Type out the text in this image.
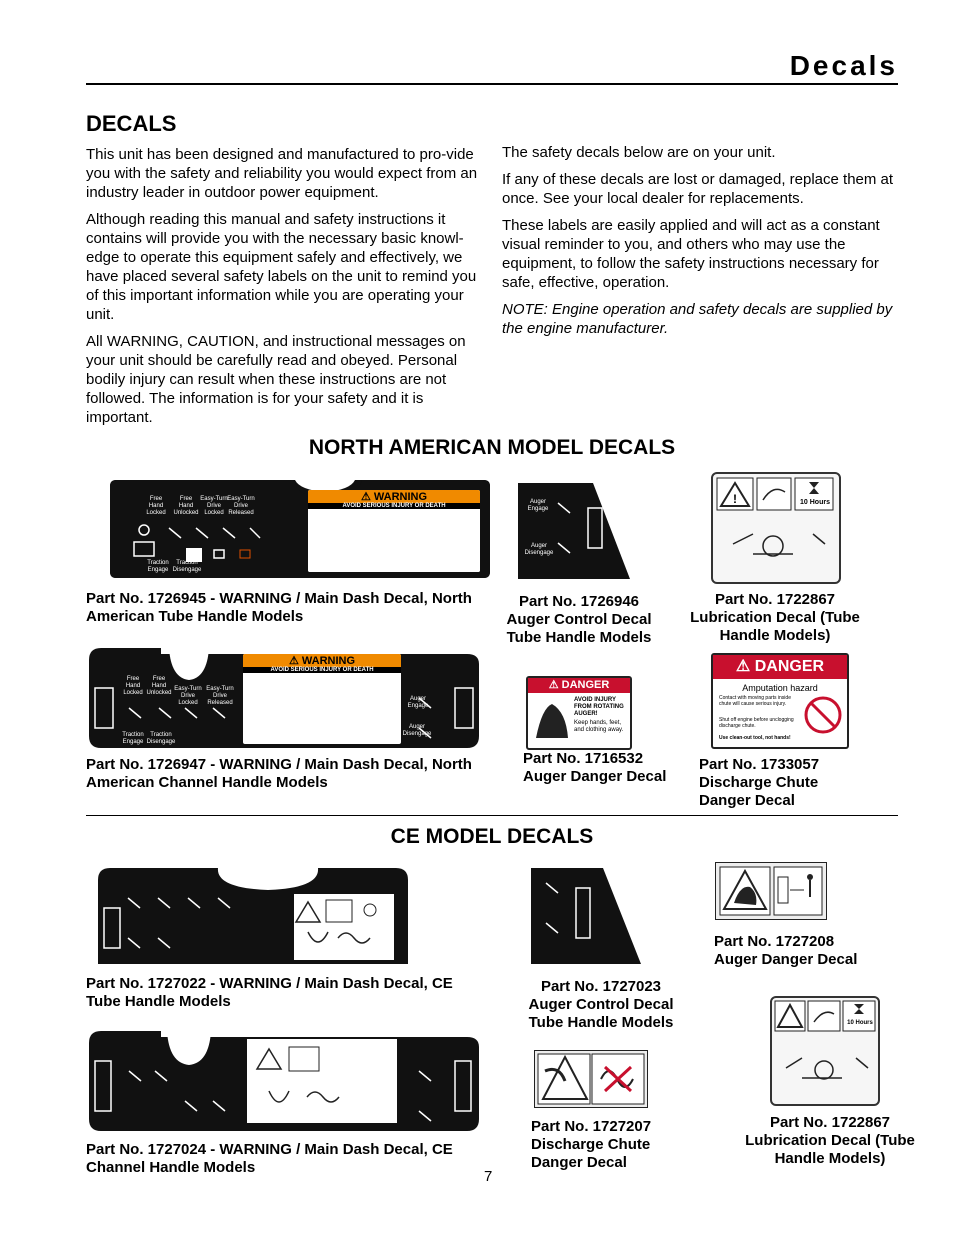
Decals
DECALS

This unit has been designed and manufactured to pro-vide you with the safety and reliability you would expect from an industry leader in outdoor power equipment.

Although reading this manual and safety instructions it contains will provide you with the necessary basic knowl-edge to operate this equipment safely and effectively, we have placed several safety labels on the unit to remind you of this important information while you are operating your unit.

All WARNING, CAUTION, and instructional messages on your unit should be carefully read and obeyed. Personal bodily injury can result when these instructions are not followed. The information is for your safety and it is important.

The safety decals below are on your unit.

If any of these decals are lost or damaged, replace them at once. See your local dealer for replacements.

These labels are easily applied and will act as a constant visual reminder to you, and others who may use the equipment, to follow the safety instructions necessary for safe, effective, operation.

NOTE: Engine operation and safety decals are supplied by the engine manufacturer.

NORTH AMERICAN MODEL DECALS
Free Hand Locked
Free Hand Unlocked
Easy-Turn Drive Locked
Easy-Turn Drive Released
Traction Engage
Traction Disengage
⚠ WARNING
AVOID SERIOUS INJURY OR DEATH
Auger Engage
Auger Disengage
!	10 Hours
Part No. 1726945 - WARNING / Main Dash Decal, North American Tube Handle Models
Part No. 1726946 Auger Control Decal Tube Handle Models
Part No. 1722867 Lubrication Decal (Tube Handle Models)
Free Hand Locked
Free Hand Unlocked
Easy-Turn Drive Locked
Easy-Turn Drive Released
Traction Engage
Traction Disengage
⚠ WARNING
AVOID SERIOUS INJURY OR DEATH
Auger Engage
Auger Disengage
⚠ DANGER
AVOID INJURY FROM ROTATING AUGER!
Keep hands, feet, and clothing away.
⚠ DANGER
Amputation hazard
Contact with moving parts inside chute will cause serious injury.
Shut off engine before unclogging discharge chute.
Use clean-out tool, not hands!
Part No. 1726947 - WARNING / Main Dash Decal, North American Channel Handle Models
Part No. 1716532 Auger Danger Decal
Part No. 1733057 Discharge Chute Danger Decal
CE MODEL DECALS
Part No. 1727022 - WARNING / Main Dash Decal, CE Tube Handle Models
Part No. 1727023 Auger Control Decal Tube Handle Models
Part No. 1727208 Auger Danger Decal
10 Hours
Part No. 1727024 - WARNING / Main Dash Decal, CE Channel Handle Models
Part No. 1727207 Discharge Chute Danger Decal
Part No. 1722867 Lubrication Decal (Tube Handle Models)
7
